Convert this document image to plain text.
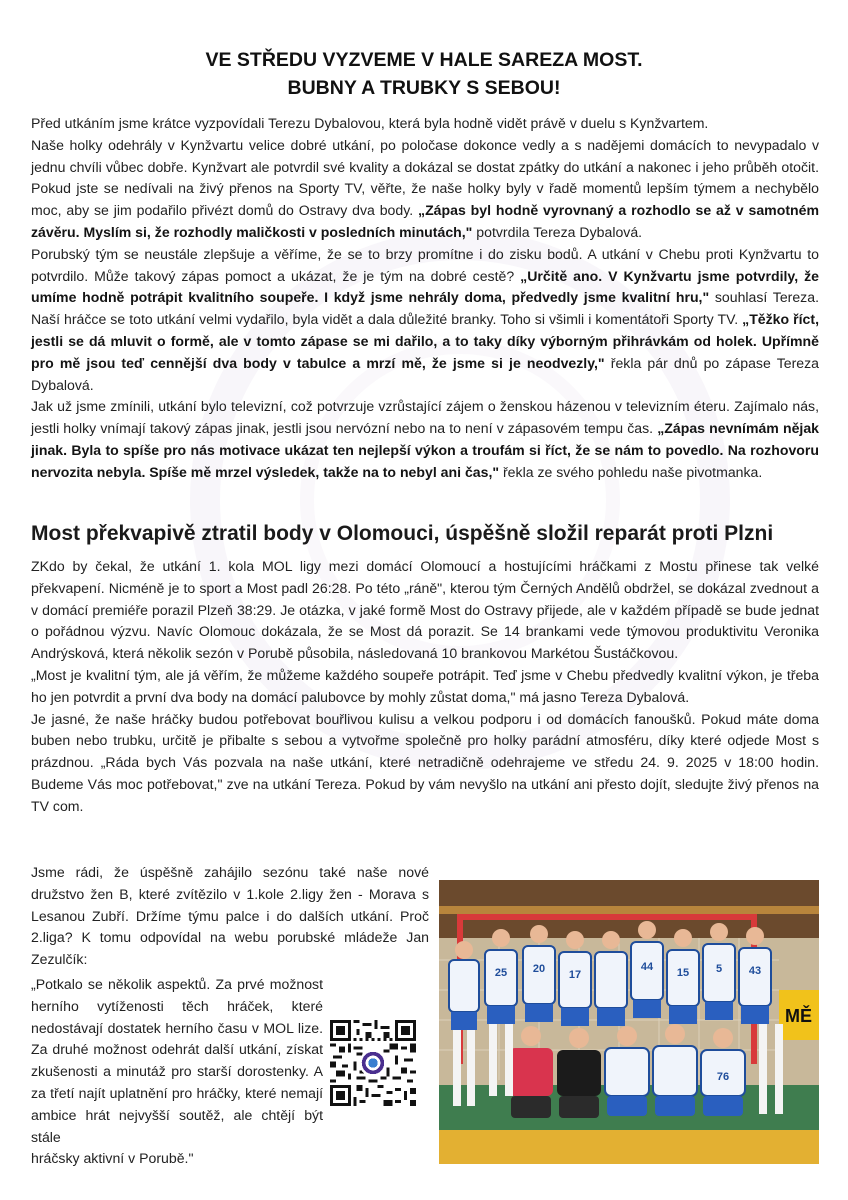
VE STŘEDU VYZVEME V HALE SAREZA MOST.
BUBNY A TRUBKY S SEBOU!

Před utkáním jsme krátce vyzpovídali Terezu Dybalovou, která byla hodně vidět právě v duelu s Kynžvartem.

Naše holky odehrály v Kynžvartu velice dobré utkání, po poločase dokonce vedly a s nadějemi domácích to nevypadalo v jednu chvíli vůbec dobře. Kynžvart ale potvrdil své kvality a dokázal se dostat zpátky do utkání a nakonec i jeho průběh otočit. Pokud jste se nedívali na živý přenos na Sporty TV, věřte, že naše holky byly v řadě momentů lepším týmem a nechybělo moc, aby se jim podařilo přivézt domů do Ostravy dva body. „Zápas byl hodně vyrovnaný a rozhodlo se až v samotném závěru. Myslím si, že rozhodly maličkosti v posledních minutách," potvrdila Tereza Dybalová.

Porubský tým se neustále zlepšuje a věříme, že se to brzy promítne i do zisku bodů. A utkání v Chebu proti Kynžvartu to potvrdilo. Může takový zápas pomoct a ukázat, že je tým na dobré cestě? „Určitě ano. V Kynžvartu jsme potvrdily, že umíme hodně potrápit kvalitního soupeře. I když jsme nehrály doma, předvedly jsme kvalitní hru," souhlasí Tereza. Naší hráčce se toto utkání velmi vydařilo, byla vidět a dala důležité branky. Toho si všimli i komentátoři Sporty TV. „Těžko říct, jestli se dá mluvit o formě, ale v tomto zápase se mi dařilo, a to taky díky výborným přihrávkám od holek. Upřímně pro mě jsou teď cennější dva body v tabulce a mrzí mě, že jsme si je neodvezly," řekla pár dnů po zápase Tereza Dybalová.

Jak už jsme zmínili, utkání bylo televizní, což potvrzuje vzrůstající zájem o ženskou házenou v televizním éteru. Zajímalo nás, jestli holky vnímají takový zápas jinak, jestli jsou nervózní nebo na to není v zápasovém tempu čas. „Zápas nevnímám nějak jinak. Byla to spíše pro nás motivace ukázat ten nejlepší výkon a troufám si říct, že se nám to povedlo. Na rozhovoru nervozita nebyla. Spíše mě mrzel výsledek, takže na to nebyl ani čas," řekla ze svého pohledu naše pivotmanka.

Most překvapivě ztratil body v Olomouci, úspěšně složil reparát proti Plzni

ZKdo by čekal, že utkání 1. kola MOL ligy mezi domácí Olomoucí a hostujícími hráčkami z Mostu přinese tak velké překvapení. Nicméně je to sport a Most padl 26:28. Po této „ráně", kterou tým Černých Andělů obdržel, se dokázal zvednout a v domácí premiéře porazil Plzeň 38:29. Je otázka, v jaké formě Most do Ostravy přijede, ale v každém případě se bude jednat o pořádnou výzvu. Navíc Olomouc dokázala, že se Most dá porazit. Se 14 brankami vede týmovou produktivitu Veronika Andrýsková, která několik sezón v Porubě působila, následovaná 10 brankovou Markétou Šustáčkovou.

„Most je kvalitní tým, ale já věřím, že můžeme každého soupeře potrápit. Teď jsme v Chebu předvedly kvalitní výkon, je třeba ho jen potvrdit a první dva body na domácí palubovce by mohly zůstat doma," má jasno Tereza Dybalová.

Je jasné, že naše hráčky budou potřebovat bouřlivou kulisu a velkou podporu i od domácích fanoušků. Pokud máte doma buben nebo trubku, určitě je přibalte s sebou a vytvořme společně pro holky parádní atmosféru, díky které odjede Most s prázdnou. „Ráda bych Vás pozvala na naše utkání, které netradičně odehrajeme ve středu 24. 9. 2025 v 18:00 hodin. Budeme Vás moc potřebovat," zve na utkání Tereza. Pokud by vám nevyšlo na utkání ani přesto dojít, sledujte živý přenos na TV com.

Jsme rádi, že úspěšně zahájilo sezónu také naše nové družstvo žen B, které zvítězilo v 1.kole 2.ligy žen - Morava s Lesanou Zubří. Držíme týmu palce i do dalších utkání. Proč 2.liga? K tomu odpovídal na webu porubské mládeže Jan Zezulčík:
„Potkalo se několik aspektů. Za prvé možnost herního vytíženosti těch hráček, které nedostávají dostatek herního času v MOL lize. Za druhé možnost odehrát další utkání, získat zkušenosti a minutáž pro starší dorostenky. A za třetí najít uplatnění pro hráčky, které nemají ambice hrát nejvyšší soutěž, ale chtějí být stále
hráčsky aktivní v Porubě."
MĚ
25 20 17
44 15 5 43
76
